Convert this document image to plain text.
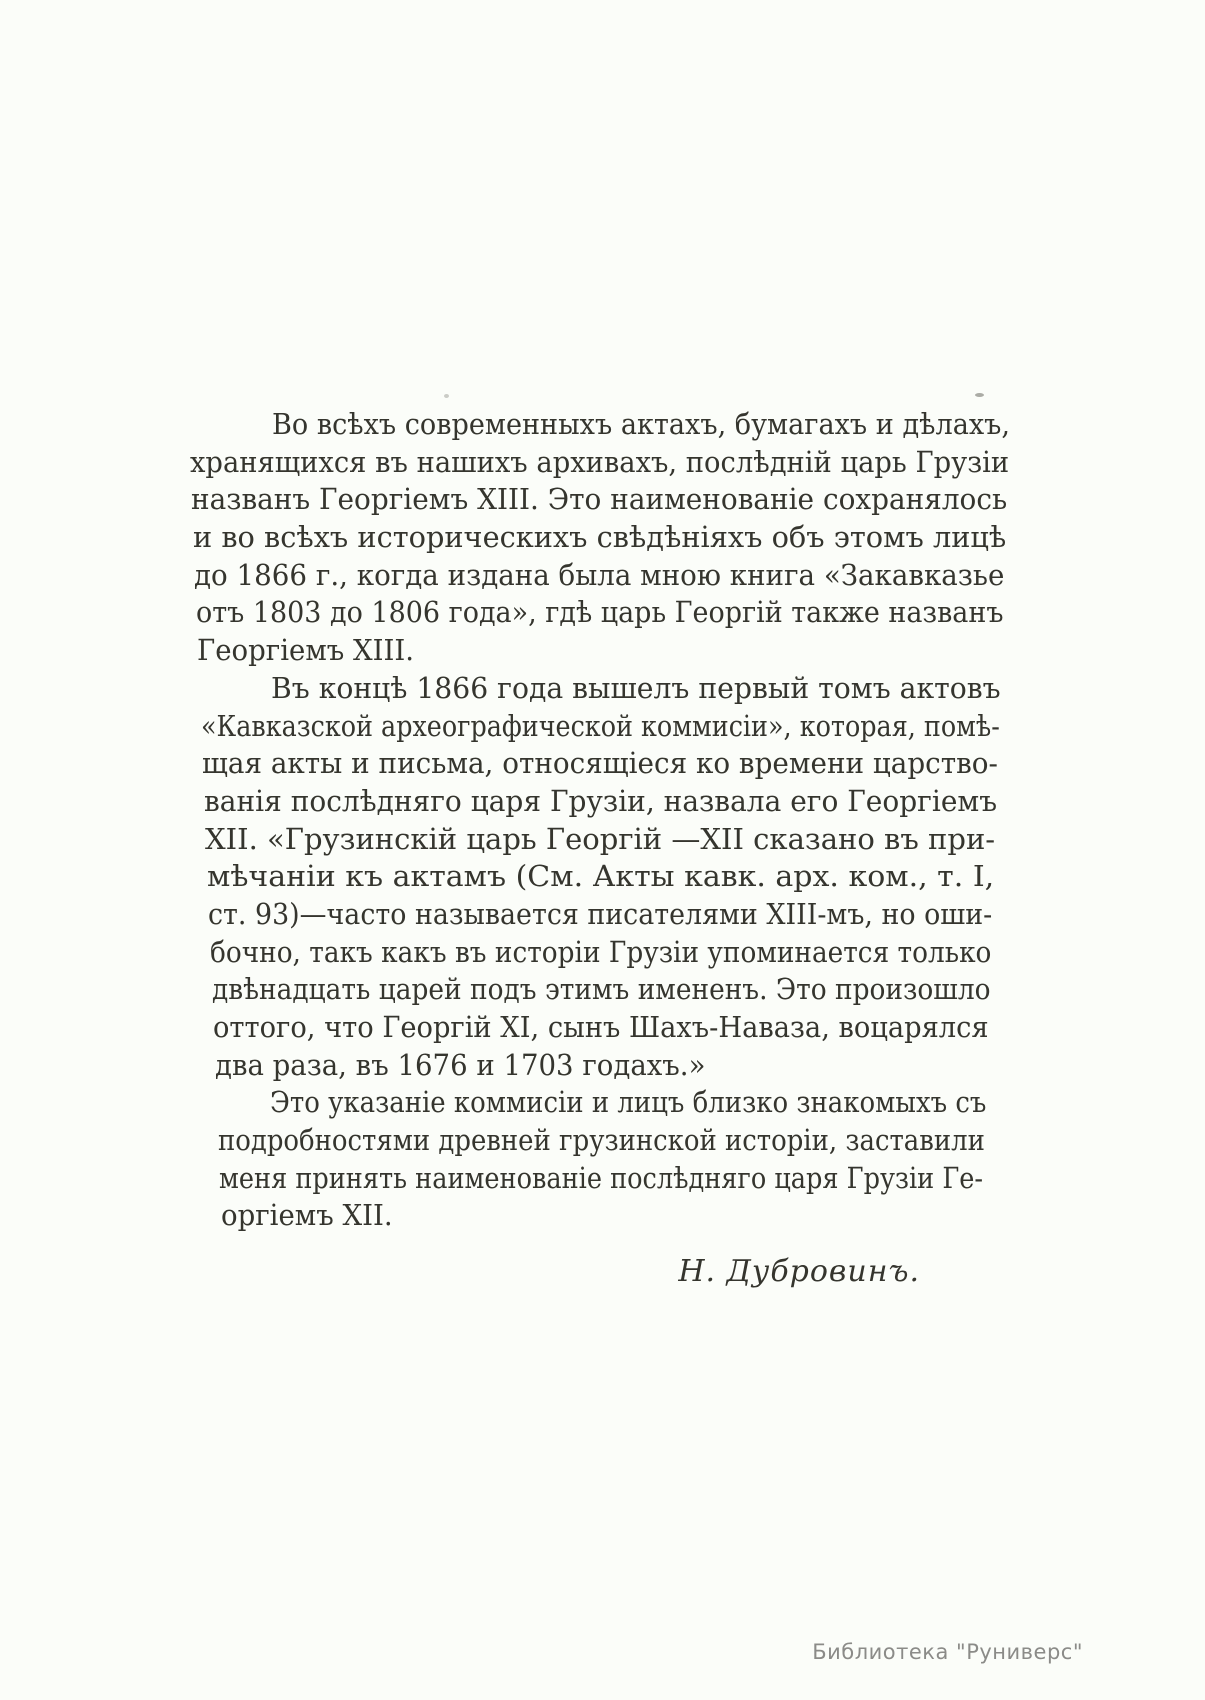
Во всѣхъ современныхъ актахъ, бумагахъ и дѣлахъ,
хранящихся въ нашихъ архивахъ, послѣдній царь Грузіи
названъ Георгіемъ XIII. Это наименованіе сохранялось
и во всѣхъ историческихъ свѣдѣніяхъ объ этомъ лицѣ
до 1866 г., когда издана была мною книга «Закавказье
отъ 1803 до 1806 года», гдѣ царь Георгій также названъ
Георгіемъ XIII.
Въ концѣ 1866 года вышелъ первый томъ актовъ
«Кавказской археографической коммисіи», которая, помѣ-
щая акты и письма, относящіеся ко времени царство-
ванія послѣдняго царя Грузіи, назвала его Георгіемъ
XII. «Грузинскій царь Георгій —XII сказано въ при-
мѣчаніи къ актамъ (См. Акты кавк. арх. ком., т. I,
ст. 93)—часто называется писателями XIII-мъ, но оши-
бочно, такъ какъ въ исторіи Грузіи упоминается только
двѣнадцать царей подъ этимъ имененъ. Это произошло
оттого, что Георгій XI, сынъ Шахъ-Наваза, воцарялся
два раза, въ 1676 и 1703 годахъ.»
Это указаніе коммисіи и лицъ близко знакомыхъ съ
подробностями древней грузинской исторіи, заставили
меня принять наименованіе послѣдняго царя Грузіи Ге-
оргіемъ XII.
Н. Дубровинъ.
Библиотека "Руниверс"
